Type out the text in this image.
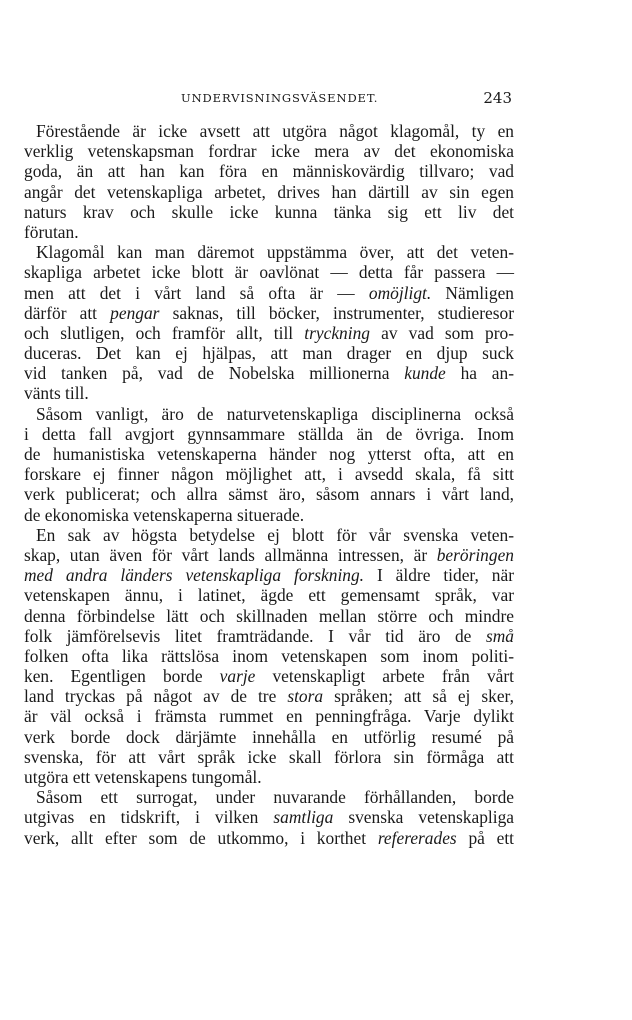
UNDERVISNINGSVÄSENDET.	243
Förestående är icke avsett att utgöra något klagomål, ty en
verklig vetenskapsman fordrar icke mera av det ekonomiska
goda, än att han kan föra en människovärdig tillvaro; vad
angår det vetenskapliga arbetet, drives han därtill av sin egen
naturs krav och skulle icke kunna tänka sig ett liv det
förutan.
Klagomål kan man däremot uppstämma över, att det veten-
skapliga arbetet icke blott är oavlönat — detta får passera —
men att det i vårt land så ofta är — omöjligt. Nämligen
därför att pengar saknas, till böcker, instrumenter, studieresor
och slutligen, och framför allt, till tryckning av vad som pro-
duceras. Det kan ej hjälpas, att man drager en djup suck
vid tanken på, vad de Nobelska millionerna kunde ha an-
vänts till.
Såsom vanligt, äro de naturvetenskapliga disciplinerna också
i detta fall avgjort gynnsammare ställda än de övriga. Inom
de humanistiska vetenskaperna händer nog ytterst ofta, att en
forskare ej finner någon möjlighet att, i avsedd skala, få sitt
verk publicerat; och allra sämst äro, såsom annars i vårt land,
de ekonomiska vetenskaperna situerade.
En sak av högsta betydelse ej blott för vår svenska veten-
skap, utan även för vårt lands allmänna intressen, är beröringen
med andra länders vetenskapliga forskning. I äldre tider, när
vetenskapen ännu, i latinet, ägde ett gemensamt språk, var
denna förbindelse lätt och skillnaden mellan större och mindre
folk jämförelsevis litet framträdande. I vår tid äro de små
folken ofta lika rättslösa inom vetenskapen som inom politi-
ken. Egentligen borde varje vetenskapligt arbete från vårt
land tryckas på något av de tre stora språken; att så ej sker,
är väl också i främsta rummet en penningfråga. Varje dylikt
verk borde dock därjämte innehålla en utförlig resumé på
svenska, för att vårt språk icke skall förlora sin förmåga att
utgöra ett vetenskapens tungomål.
Såsom ett surrogat, under nuvarande förhållanden, borde
utgivas en tidskrift, i vilken samtliga svenska vetenskapliga
verk, allt efter som de utkommo, i korthet refererades på ett
